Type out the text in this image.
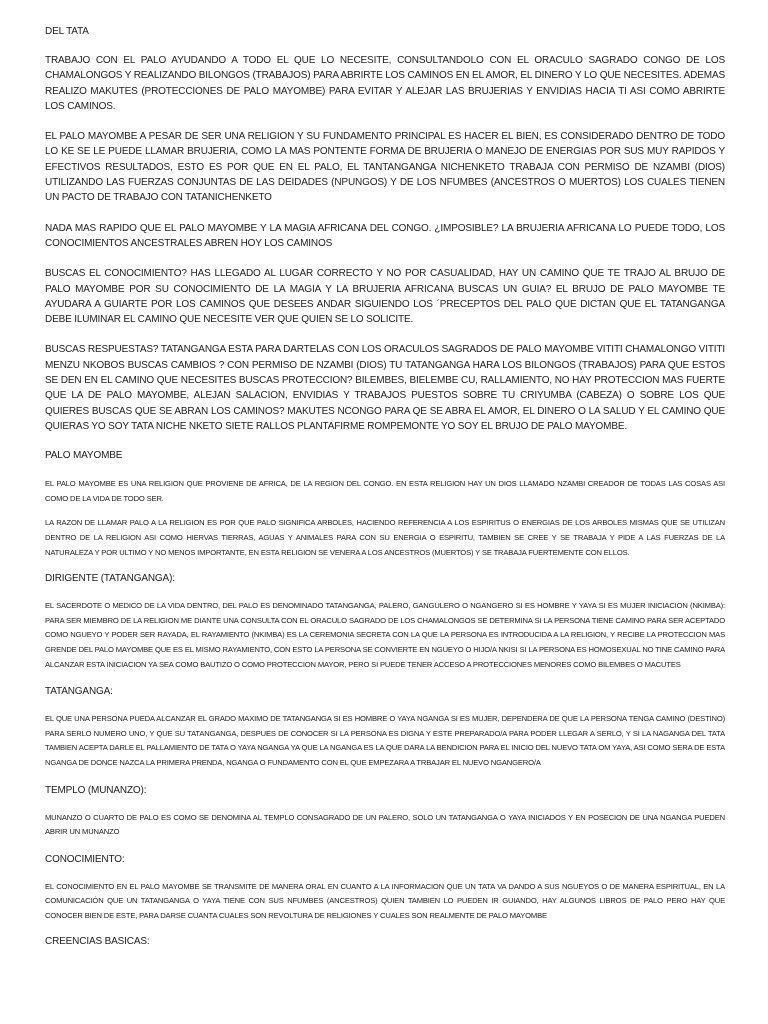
DEL TATA

TRABAJO CON EL PALO AYUDANDO A TODO EL QUE LO NECESITE, CONSULTANDOLO CON EL ORACULO SAGRADO CONGO DE LOS CHAMALONGOS Y REALIZANDO BILONGOS (TRABAJOS) PARA ABRIRTE LOS CAMINOS EN EL AMOR, EL DINERO Y LO QUE NECESITES. ADEMAS REALIZO MAKUTES (PROTECCIONES DE PALO MAYOMBE) PARA EVITAR Y ALEJAR LAS BRUJERIAS Y ENVIDIAS HACIA TI ASI COMO ABRIRTE LOS CAMINOS.

EL PALO MAYOMBE A PESAR DE SER UNA RELIGION Y SU FUNDAMENTO PRINCIPAL ES HACER EL BIEN, ES CONSIDERADO DENTRO DE TODO LO KE SE LE PUEDE LLAMAR BRUJERIA, COMO LA MAS PONTENTE FORMA DE BRUJERIA O MANEJO DE ENERGIAS POR SUS MUY RAPIDOS Y EFECTIVOS RESULTADOS, ESTO ES POR QUE EN EL PALO, EL TANTANGANGA NICHENKETO TRABAJA CON PERMISO DE NZAMBI (DIOS) UTILIZANDO LAS FUERZAS CONJUNTAS DE LAS DEIDADES (NPUNGOS) Y DE LOS NFUMBES (ANCESTROS O MUERTOS) LOS CUALES TIENEN UN PACTO DE TRABAJO CON TATANICHENKETO

NADA MAS RAPIDO QUE EL PALO MAYOMBE Y LA MAGIA AFRICANA DEL CONGO. ¿IMPOSIBLE? LA BRUJERIA AFRICANA LO PUEDE TODO, LOS CONOCIMIENTOS ANCESTRALES ABREN HOY LOS CAMINOS

BUSCAS EL CONOCIMIENTO? HAS LLEGADO AL LUGAR CORRECTO Y NO POR CASUALIDAD, HAY UN CAMINO QUE TE TRAJO AL BRUJO DE PALO MAYOMBE POR SU CONOCIMIENTO DE LA MAGIA Y LA BRUJERIA AFRICANA BUSCAS UN GUIA? EL BRUJO DE PALO MAYOMBE TE AYUDARA A GUIARTE POR LOS CAMINOS QUE DESEES ANDAR SIGUIENDO LOS ´PRECEPTOS DEL PALO QUE DICTAN QUE EL TATANGANGA DEBE ILUMINAR EL CAMINO QUE NECESITE VER QUE QUIEN SE LO SOLICITE.

BUSCAS RESPUESTAS? TATANGANGA ESTA PARA DARTELAS CON LOS ORACULOS SAGRADOS DE PALO MAYOMBE VITITI CHAMALONGO VITITI MENZU NKOBOS BUSCAS CAMBIOS ? CON PERMISO DE NZAMBI (DIOS) TU TATANGANGA HARA LOS BILONGOS (TRABAJOS) PARA QUE ESTOS SE DEN EN EL CAMINO QUE NECESITES BUSCAS PROTECCION? BILEMBES, BIELEMBE CU, RALLAMIENTO, NO HAY PROTECCION MAS FUERTE QUE LA DE PALO MAYOMBE, ALEJAN SALACION, ENVIDIAS Y TRABAJOS PUESTOS SOBRE TU CRIYUMBA (CABEZA) O SOBRE LOS QUE QUIERES BUSCAS QUE SE ABRAN LOS CAMINOS? MAKUTES NCONGO PARA QE SE ABRA EL AMOR, EL DINERO O LA SALUD Y EL CAMINO QUE QUIERAS YO SOY TATA NICHE NKETO SIETE RALLOS PLANTAFIRME ROMPEMONTE YO SOY EL BRUJO DE PALO MAYOMBE.

PALO MAYOMBE

EL PALO MAYOMBE ES UNA RELIGION QUE PROVIENE DE AFRICA, DE LA REGION DEL CONGO. EN ESTA RELIGION HAY UN DIOS LLAMADO NZAMBI CREADOR DE TODAS LAS COSAS ASI COMO DE LA VIDA DE TODO SER.

LA RAZON DE LLAMAR PALO A LA RELIGION ES POR QUE PALO SIGNIFICA ARBOLES, HACIENDO REFERENCIA A LOS ESPIRITUS O ENERGIAS DE LOS ARBOLES MISMAS QUE SE UTILIZAN DENTRO DE LA RELIGION ASI COMO HIERVAS TIERRAS, AGUAS Y ANIMALES PARA CON SU ENERGIA O ESPIRITU, TAMBIEN SE CREE Y SE TRABAJA Y PIDE A LAS FUERZAS DE LA NATURALEZA Y POR ULTIMO Y NO MENOS IMPORTANTE, EN ESTA RELIGION SE VENERA A LOS ANCESTROS (MUERTOS) Y SE TRABAJA FUERTEMENTE CON ELLOS.

DIRIGENTE (TATANGANGA):

EL SACERDOTE O MEDICO DE LA VIDA DENTRO, DEL PALO ES DENOMINADO TATANGANGA, PALERO, GANGULERO O NGANGERO SI ES HOMBRE Y YAYA SI ES MUJER INICIACION (NKIMBA): PARA SER MIEMBRO DE LA RELIGION ME DIANTE UNA CONSULTA CON EL ORACULO SAGRADO DE LOS CHAMALONGOS SE DETERMINA SI LA PERSONA TIENE CAMINO PARA SER ACEPTADO COMO NGUEYO Y PODER SER RAYADA, EL RAYAMIENTO (NKIMBA) ES LA CEREMONIA SECRETA CON LA QUE LA PERSONA ES INTRODUCIDA A LA RELIGION, Y RECIBE LA PROTECCION MAS GRENDE DEL PALO MAYOMBE QUE ES EL MISMO RAYAMIENTO, CON ESTO LA PERSONA SE CONVIERTE EN NGUEYO O HIJO/A NKISI SI LA PERSONA ES HOMOSEXUAL NO TINE CAMINO PARA ALCANZAR ESTA INICIACION YA SEA COMO BAUTIZO O COMO PROTECCION MAYOR, PERO SI PUEDE TENER ACCESO A PROTECCIONES MENORES COMO BILEMBES O MACUTES

TATANGANGA:

EL QUE UNA PERSONA PUEDA ALCANZAR EL GRADO MAXIMO DE TATANGANGA SI ES HOMBRE O YAYA NGANGA SI ES MUJER, DEPENDERA DE QUE LA PERSONA TENGA CAMINO (DESTINO) PARA SERLO NUMERO UNO, Y QUE SU TATANGANGA, DESPUES DE CONOCER SI LA PERSONA ES DIGNA Y ESTE PREPARADO/A PARA PODER LLEGAR A SERLO, Y SI LA NAGANGA DEL TATA TAMBIEN ACEPTA DARLE EL PALLAMIENTO DE TATA O YAYA NGANGA YA QUE LA NGANGA ES LA QUE DARA LA BENDICION PARA EL INICIO DEL NUEVO TATA OM YAYA, ASI COMO SERA DE ESTA NGANGA DE DONCE NAZCA LA PRIMERA PRENDA, NGANGA O FUNDAMENTO CON EL QUE EMPEZARA A TRBAJAR EL NUEVO NGANGERO/A

TEMPLO (MUNANZO):

MUNANZO O CUARTO DE PALO ES COMO SE DENOMINA AL TEMPLO CONSAGRADO DE UN PALERO, SOLO UN TATANGANGA O YAYA INICIADOS Y EN POSECION DE UNA NGANGA PUEDEN ABRIR UN MUNANZO

CONOCIMIENTO:

EL CONOCIMIENTO EN EL PALO MAYOMBE SE TRANSMITE DE MANERA ORAL EN CUANTO A LA INFORMACION QUE UN TATA VA DANDO A SUS NGUEYOS O DE MANERA ESPIRITUAL, EN LA COMUNICACIÓN QUE UN TATANGANGA O YAYA TIENE CON SUS NFUMBES (ANCESTROS) QUIEN TAMBIEN LO PUEDEN IR GUIANDO, HAY ALGUNOS LIBROS DE PALO PERO HAY QUE CONOCER BIEN DE ESTE, PARA DARSE CUANTA CUALES SON REVOLTURA DE RELIGIONES Y CUALES SON REALMENTE DE PALO MAYOMBE

CREENCIAS BASICAS:
